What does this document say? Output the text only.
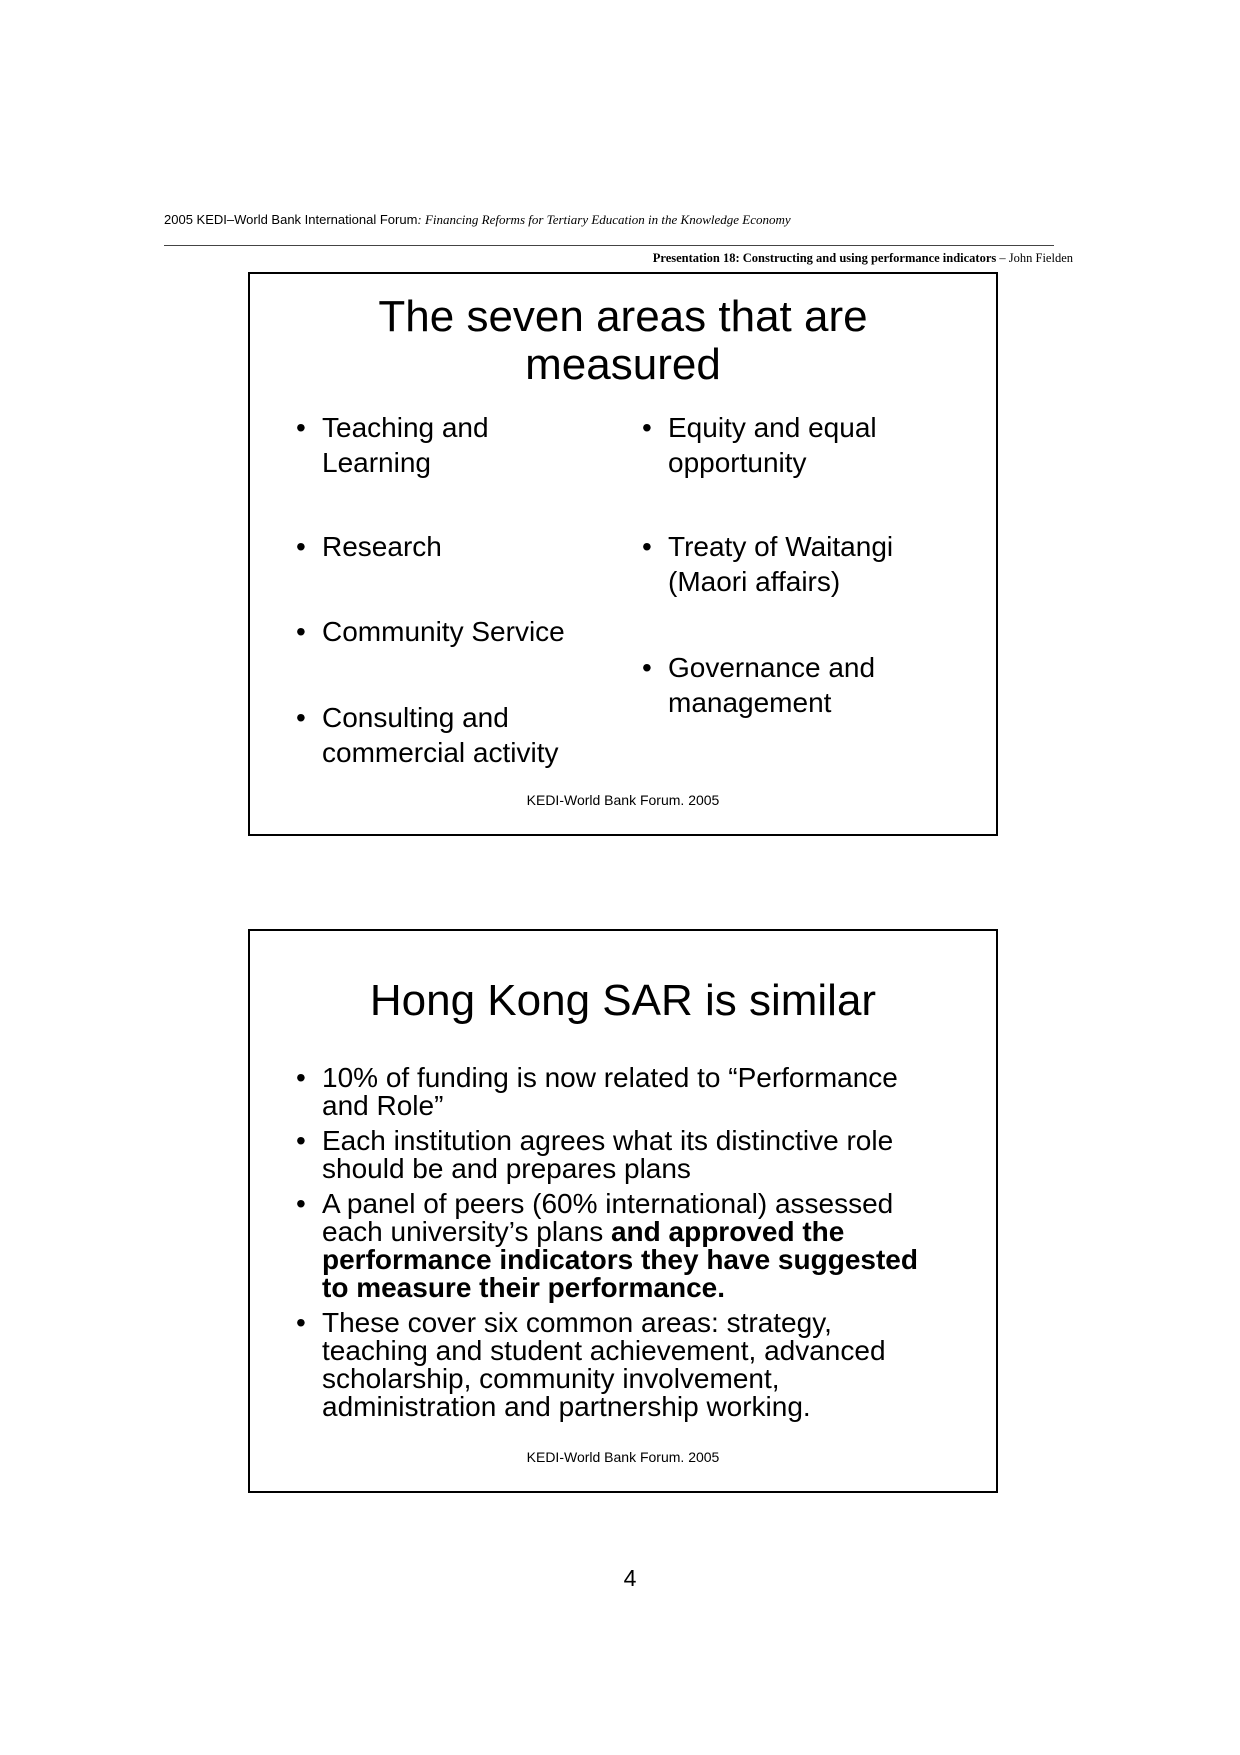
2005 KEDI–World Bank International Forum: Financing Reforms for Tertiary Education in the Knowledge Economy
Presentation 18: Constructing and using performance indicators – John Fielden
The seven areas that are
measured
• Teaching and
Learning
• Research
• Community Service
• Consulting and
commercial activity
• Equity and equal
opportunity
• Treaty of Waitangi
(Maori affairs)
• Governance and
management
KEDI-World Bank Forum. 2005
Hong Kong SAR is similar
• 10% of funding is now related to “Performance
and Role”
• Each institution agrees what its distinctive role
should be and prepares plans
• A panel of peers (60% international) assessed
each university’s plans and approved the
performance indicators they have suggested
to measure their performance.
• These cover six common areas: strategy,
teaching and student achievement, advanced
scholarship, community involvement,
administration and partnership working.
KEDI-World Bank Forum. 2005
4
